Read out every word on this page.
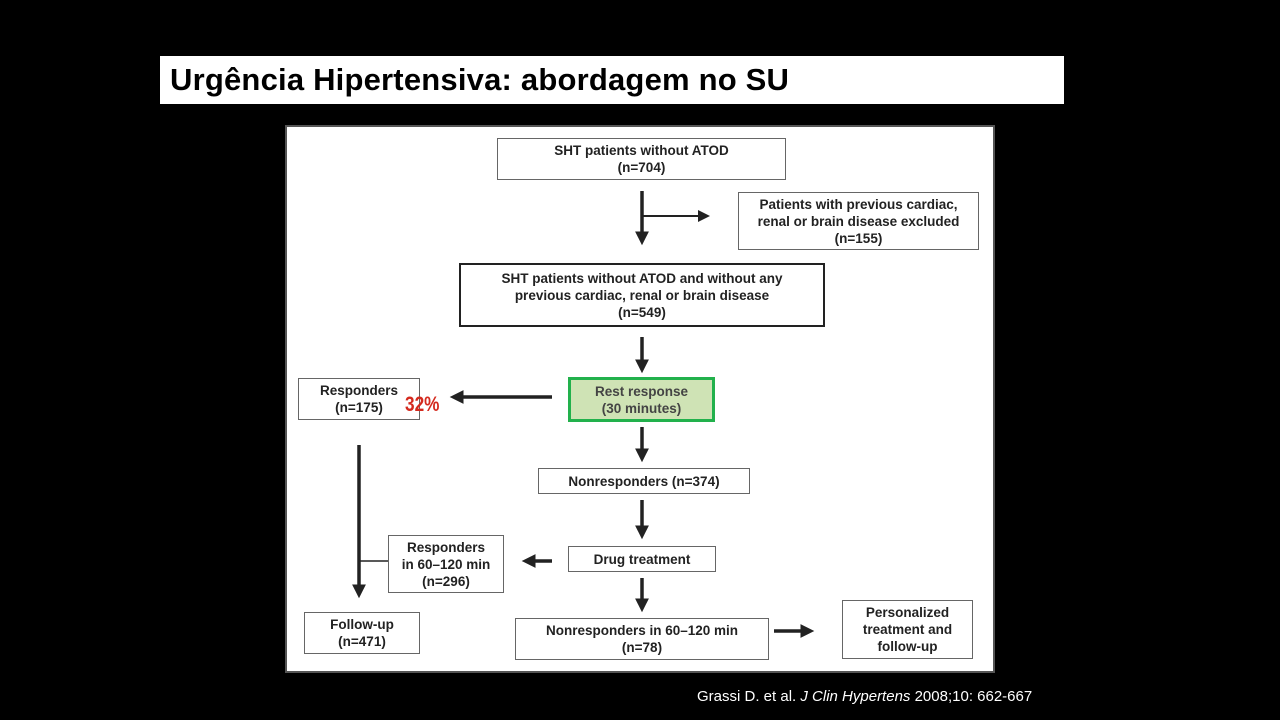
Urgência Hipertensiva: abordagem no SU
SHT patients without ATOD
(n=704)
Patients with previous cardiac,
renal or brain disease excluded
(n=155)
SHT patients without ATOD and without any
previous cardiac, renal or brain disease
(n=549)
Rest response
(30 minutes)
Responders
(n=175) 32%
Nonresponders (n=374)
Drug treatment
Responders
in 60–120 min
(n=296)
Follow-up
(n=471)
Nonresponders in 60–120 min
(n=78)
Personalized
treatment and
follow-up
Grassi D. et al. J Clin Hypertens 2008;10: 662-667
